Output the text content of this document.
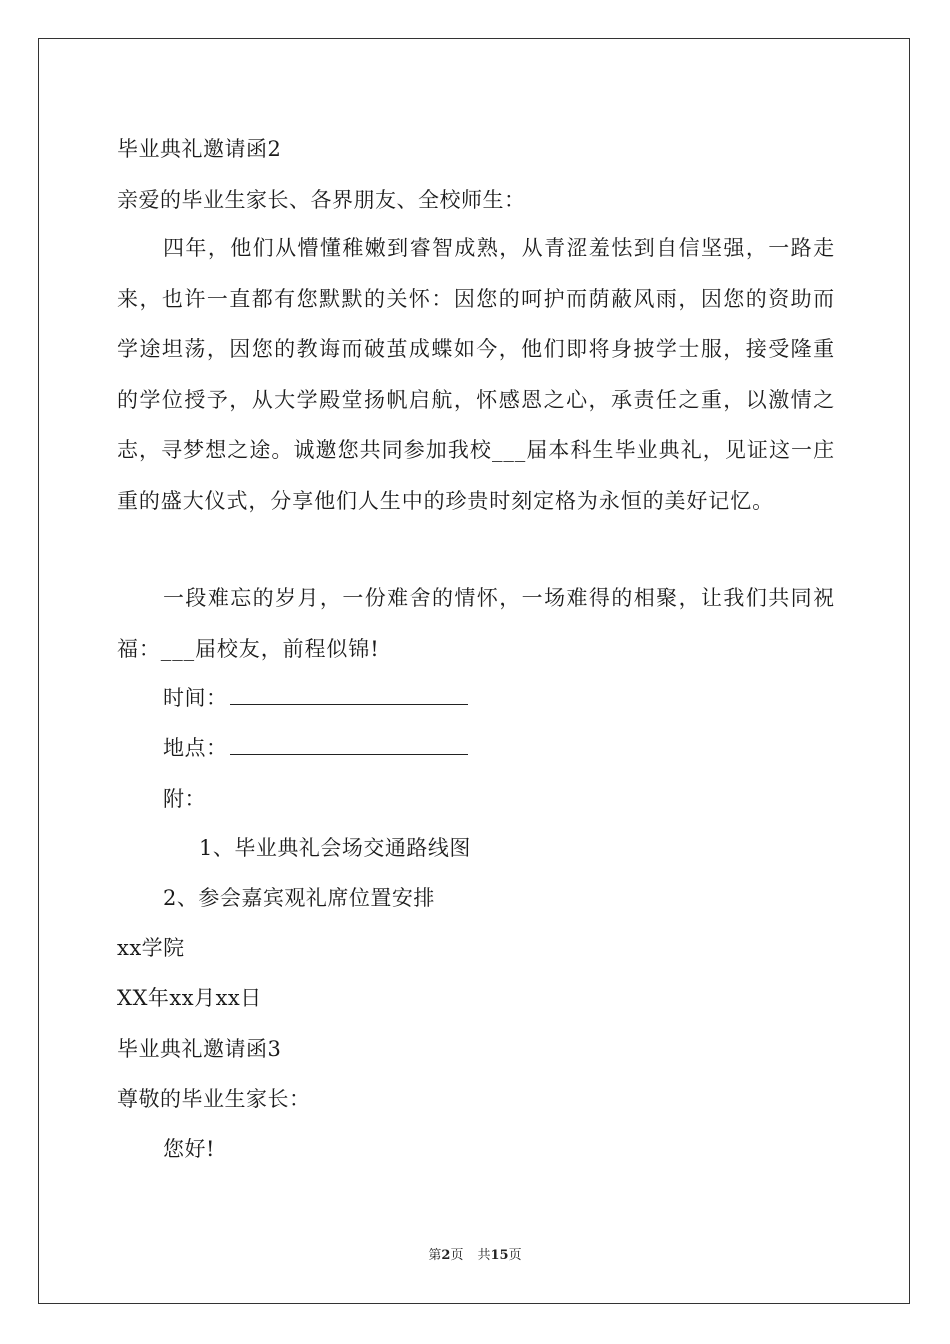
毕业典礼邀请函2
亲爱的毕业生家长、各界朋友、全校师生：

四年，他们从懵懂稚嫩到睿智成熟，从青涩羞怯到自信坚强，一路走来，也许一直都有您默默的关怀：因您的呵护而荫蔽风雨，因您的资助而学途坦荡，因您的教诲而破茧成蝶如今，他们即将身披学士服，接受隆重的学位授予，从大学殿堂扬帆启航，怀感恩之心，承责任之重，以激情之志，寻梦想之途。诚邀您共同参加我校___届本科生毕业典礼，见证这一庄重的盛大仪式，分享他们人生中的珍贵时刻定格为永恒的美好记忆。

一段难忘的岁月，一份难舍的情怀，一场难得的相聚，让我们共同祝福：___届校友，前程似锦!

时间：
地点：
附：
1、毕业典礼会场交通路线图
2、参会嘉宾观礼席位置安排
xx学院
XX年xx月xx日
毕业典礼邀请函3
尊敬的毕业生家长：
您好!
第2页 共15页
